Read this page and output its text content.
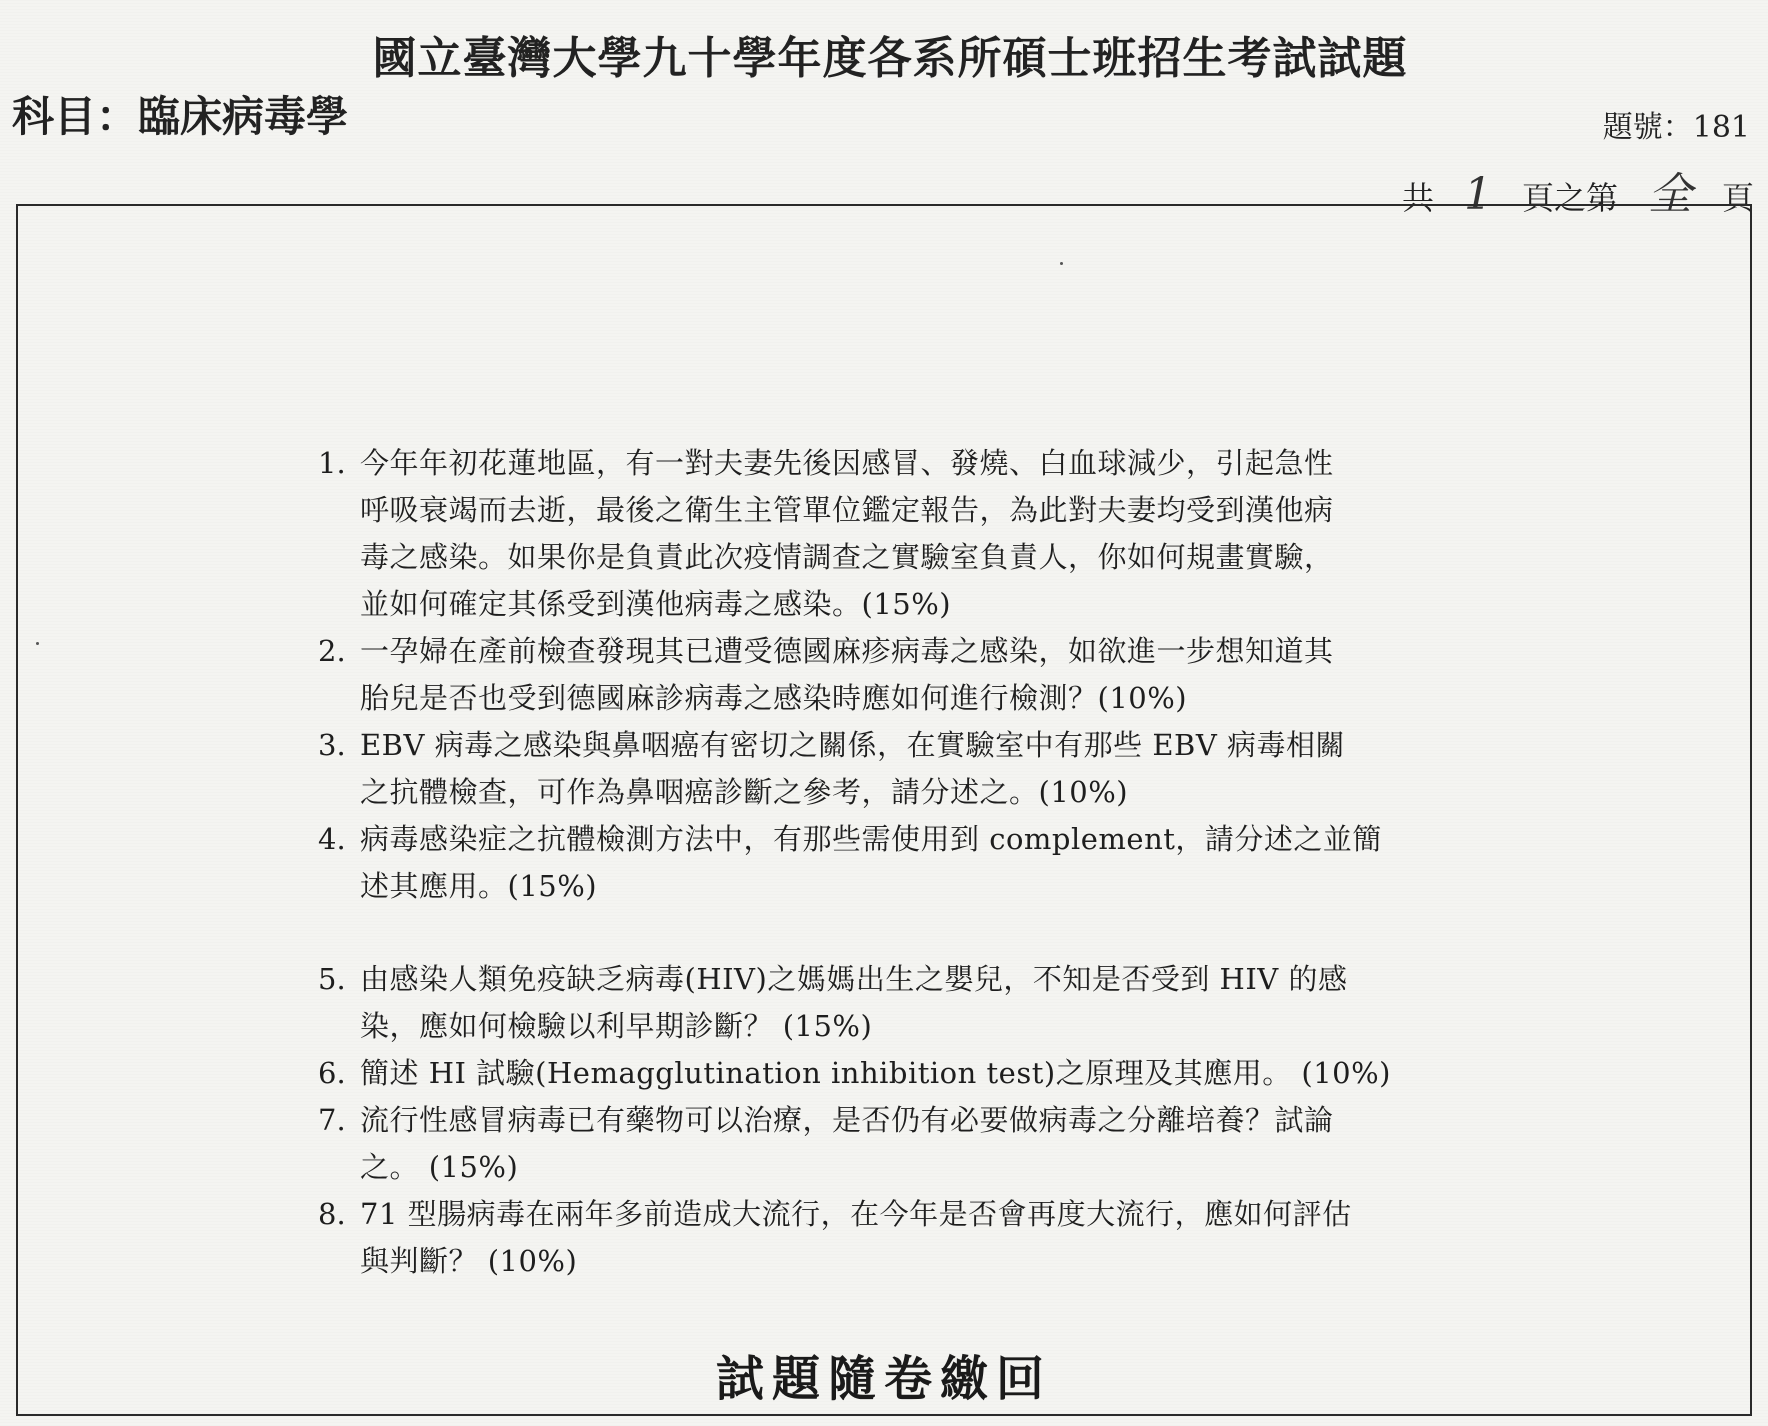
國立臺灣大學九十學年度各系所碩士班招生考試試題
科目：臨床病毒學	題號：181
共 1 頁之第 全 頁
1. 今年年初花蓮地區，有一對夫妻先後因感冒、發燒、白血球減少，引起急性
呼吸衰竭而去逝，最後之衛生主管單位鑑定報告，為此對夫妻均受到漢他病
毒之感染。如果你是負責此次疫情調查之實驗室負責人，你如何規畫實驗，
並如何確定其係受到漢他病毒之感染。(15%)
2. 一孕婦在產前檢查發現其已遭受德國麻疹病毒之感染，如欲進一步想知道其
胎兒是否也受到德國麻診病毒之感染時應如何進行檢測？(10%)
3. EBV 病毒之感染與鼻咽癌有密切之關係，在實驗室中有那些 EBV 病毒相關
之抗體檢查，可作為鼻咽癌診斷之參考，請分述之。(10%)
4. 病毒感染症之抗體檢測方法中，有那些需使用到 complement，請分述之並簡
述其應用。(15%)
5. 由感染人類免疫缺乏病毒(HIV)之媽媽出生之嬰兒，不知是否受到 HIV 的感
染，應如何檢驗以利早期診斷？ (15%)
6. 簡述 HI 試驗(Hemagglutination inhibition test)之原理及其應用。 (10%)
7. 流行性感冒病毒已有藥物可以治療，是否仍有必要做病毒之分離培養？試論
之。 (15%)
8. 71 型腸病毒在兩年多前造成大流行，在今年是否會再度大流行，應如何評估
與判斷？ (10%)
試題隨卷繳回
